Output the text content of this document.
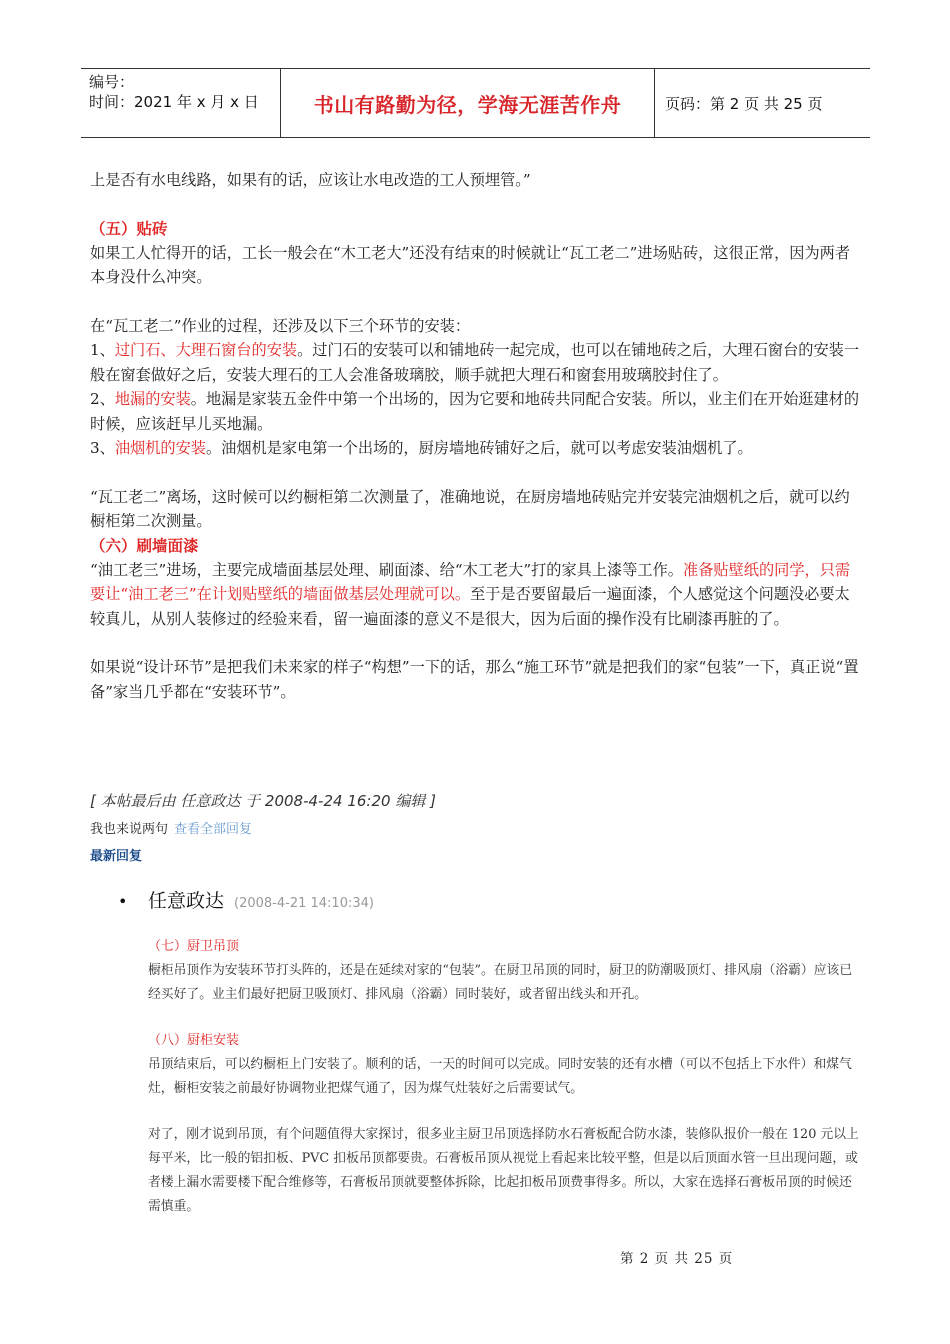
编号：
时间：2021 年 x 月 x 日	书山有路勤为径，学海无涯苦作舟	页码：第 2 页 共 25 页

上是否有水电线路，如果有的话，应该让水电改造的工人预埋管。”

（五）贴砖

如果工人忙得开的话，工长一般会在“木工老大”还没有结束的时候就让“瓦工老二”进场贴砖，这很正常，因为两者本身没什么冲突。

在“瓦工老二”作业的过程，还涉及以下三个环节的安装：

1、过门石、大理石窗台的安装。过门石的安装可以和铺地砖一起完成，也可以在铺地砖之后，大理石窗台的安装一般在窗套做好之后，安装大理石的工人会准备玻璃胶，顺手就把大理石和窗套用玻璃胶封住了。

2、地漏的安装。地漏是家装五金件中第一个出场的，因为它要和地砖共同配合安装。所以，业主们在开始逛建材的时候，应该赶早儿买地漏。

3、油烟机的安装。油烟机是家电第一个出场的，厨房墙地砖铺好之后，就可以考虑安装油烟机了。

“瓦工老二”离场，这时候可以约橱柜第二次测量了，准确地说，在厨房墙地砖贴完并安装完油烟机之后，就可以约橱柜第二次测量。

（六）刷墙面漆

“油工老三”进场，主要完成墙面基层处理、刷面漆、给“木工老大”打的家具上漆等工作。准备贴壁纸的同学，只需要让“油工老三”在计划贴壁纸的墙面做基层处理就可以。至于是否要留最后一遍面漆，个人感觉这个问题没必要太较真儿，从别人装修过的经验来看，留一遍面漆的意义不是很大，因为后面的操作没有比刷漆再脏的了。

如果说“设计环节”是把我们未来家的样子“构想”一下的话，那么“施工环节”就是把我们的家“包装”一下，真正说“置备”家当几乎都在“安装环节”。

[ 本帖最后由 任意政达 于 2008-4-24 16:20 编辑 ]
我也来说两句 查看全部回复
最新回复
•	任意政达 (2008-4-21 14:10:34)

（七）厨卫吊顶

橱柜吊顶作为安装环节打头阵的，还是在延续对家的“包装”。在厨卫吊顶的同时，厨卫的防潮吸顶灯、排风扇（浴霸）应该已经买好了。业主们最好把厨卫吸顶灯、排风扇（浴霸）同时装好，或者留出线头和开孔。

（八）厨柜安装

吊顶结束后，可以约橱柜上门安装了。顺利的话，一天的时间可以完成。同时安装的还有水槽（可以不包括上下水件）和煤气灶，橱柜安装之前最好协调物业把煤气通了，因为煤气灶装好之后需要试气。

对了，刚才说到吊顶，有个问题值得大家探讨，很多业主厨卫吊顶选择防水石膏板配合防水漆，装修队报价一般在 120 元以上每平米，比一般的铝扣板、PVC 扣板吊顶都要贵。石膏板吊顶从视觉上看起来比较平整，但是以后顶面水管一旦出现问题，或者楼上漏水需要楼下配合维修等，石膏板吊顶就要整体拆除，比起扣板吊顶费事得多。所以，大家在选择石膏板吊顶的时候还需慎重。

第 2 页 共 25 页
